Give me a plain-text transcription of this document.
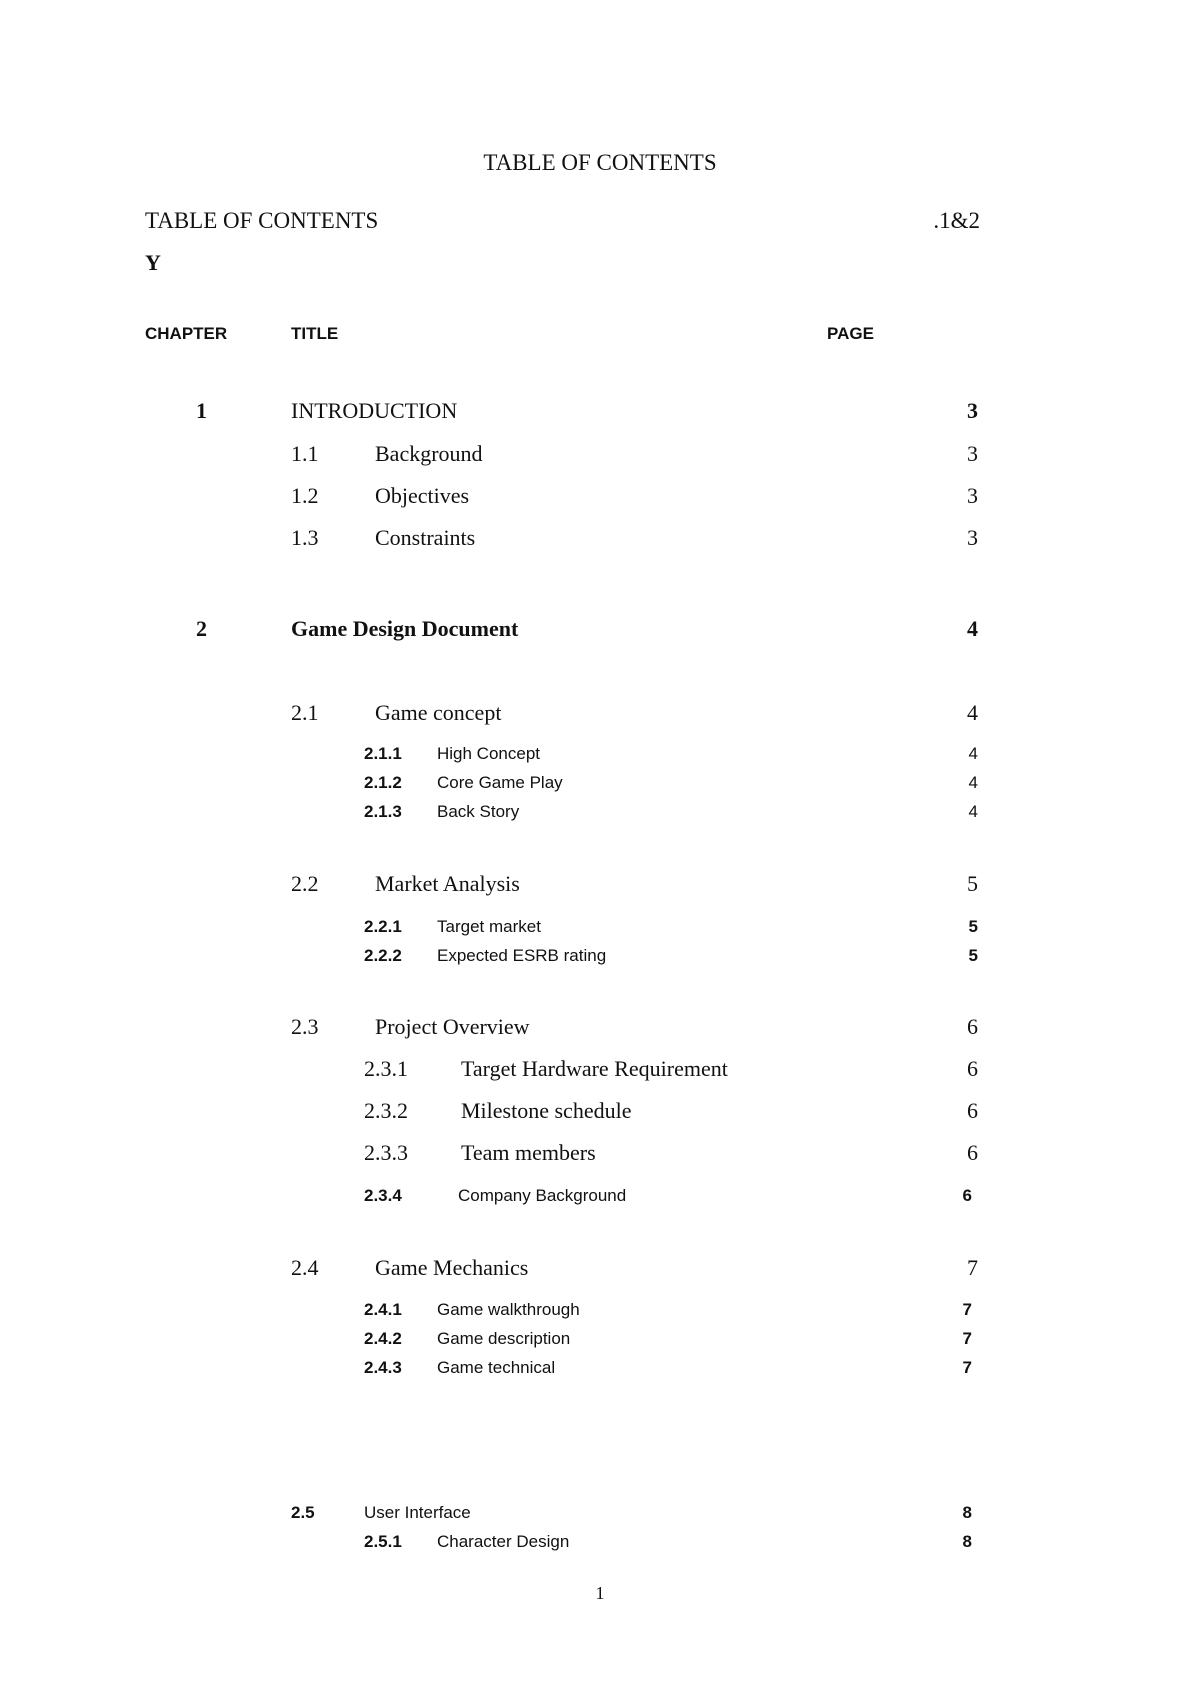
TABLE OF CONTENTS
TABLE OF CONTENTS	.1&2
Y
CHAPTER	TITLE	PAGE
1	INTRODUCTION	3
1.1	Background	3
1.2	Objectives	3
1.3	Constraints	3
2	Game Design Document	4
2.1	Game concept	4
2.1.1 High Concept	4
2.1.2 Core Game Play	4
2.1.3 Back Story	4
2.2	Market Analysis	5
2.2.1 Target market	5
2.2.2 Expected ESRB rating	5
2.3	Project Overview	6
2.3.1 Target Hardware Requirement	6
2.3.2 Milestone schedule	6
2.3.3 Team members	6
2.3.4	Company Background	6
2.4	Game Mechanics	7
2.4.1 Game walkthrough	7
2.4.2 Game description	7
2.4.3 Game technical	7
2.5	User Interface	8
2.5.1 Character Design	8
1
